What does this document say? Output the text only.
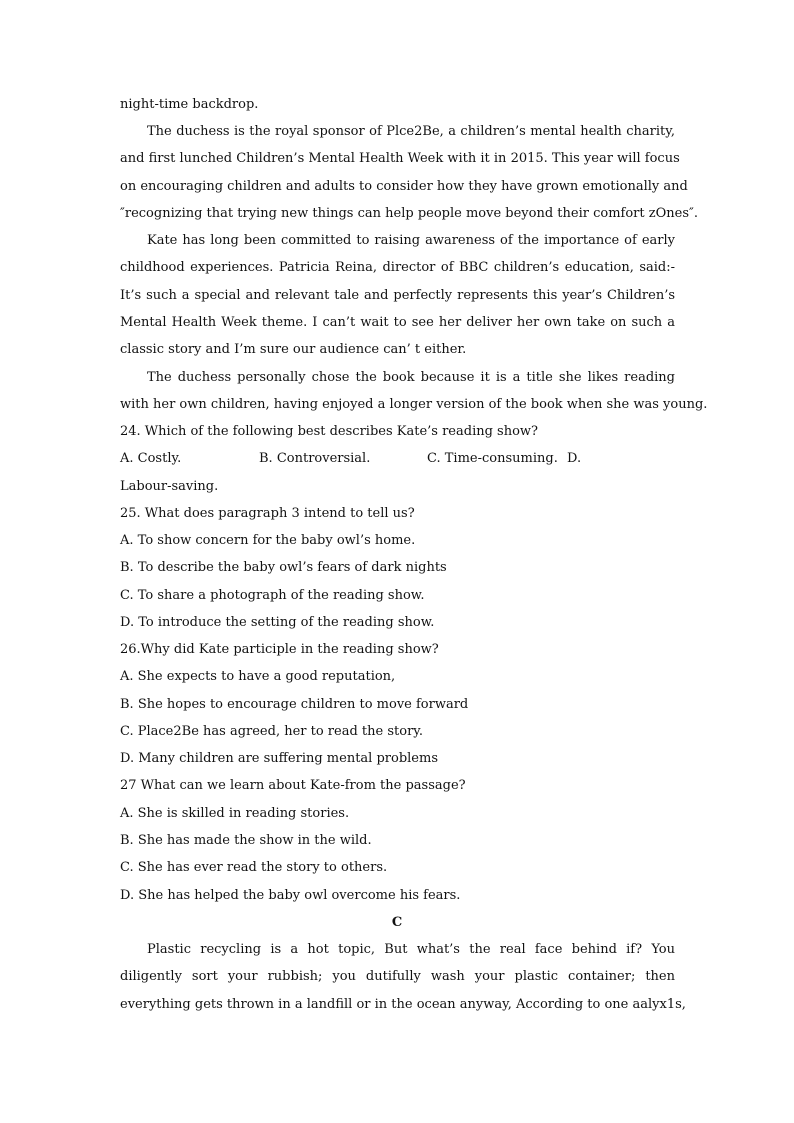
night-time backdrop.
The duchess is the royal sponsor of Plce2Be, a children’s mental health charity,
and first lunched Children’s Mental Health Week with it in 2015. This year will focus
on encouraging children and adults to consider how they have grown emotionally and
″recognizing that trying new things can help people move beyond their comfort zOnes″.
Kate has long been committed to raising awareness of the importance of early
childhood experiences. Patricia Reina, director of BBC children’s education, said:-
It’s such a special and relevant tale and perfectly represents this year’s Children’s
Mental Health Week theme. I can’t wait to see her deliver her own take on such a
classic story and I’m sure our audience can’ t either.
The duchess personally chose the book because it is a title she likes reading
with her own children, having enjoyed a longer version of the book when she was young.
24. Which of the following best describes Kate’s reading show?
A. Costly.	B. Controversial.	C. Time-consuming. D.
Labour-saving.
25. What does paragraph 3 intend to tell us?
A. To show concern for the baby owl’s home.
B. To describe the baby owl’s fears of dark nights
C. To share a photograph of the reading show.
D. To introduce the setting of the reading show.
26.Why did Kate participle in the reading show?
A. She expects to have a good reputation,
B. She hopes to encourage children to move forward
C. Place2Be has agreed, her to read the story.
D. Many children are suffering mental problems
27 What can we learn about Kate-from the passage?
A. She is skilled in reading stories.
B. She has made the show in the wild.
C. She has ever read the story to others.
D. She has helped the baby owl overcome his fears.
C
Plastic recycling is a hot topic, But what’s the real face behind if? You
diligently sort your rubbish; you dutifully wash your plastic container; then
everything gets thrown in a landfill or in the ocean anyway, According to one aalyx1s,
